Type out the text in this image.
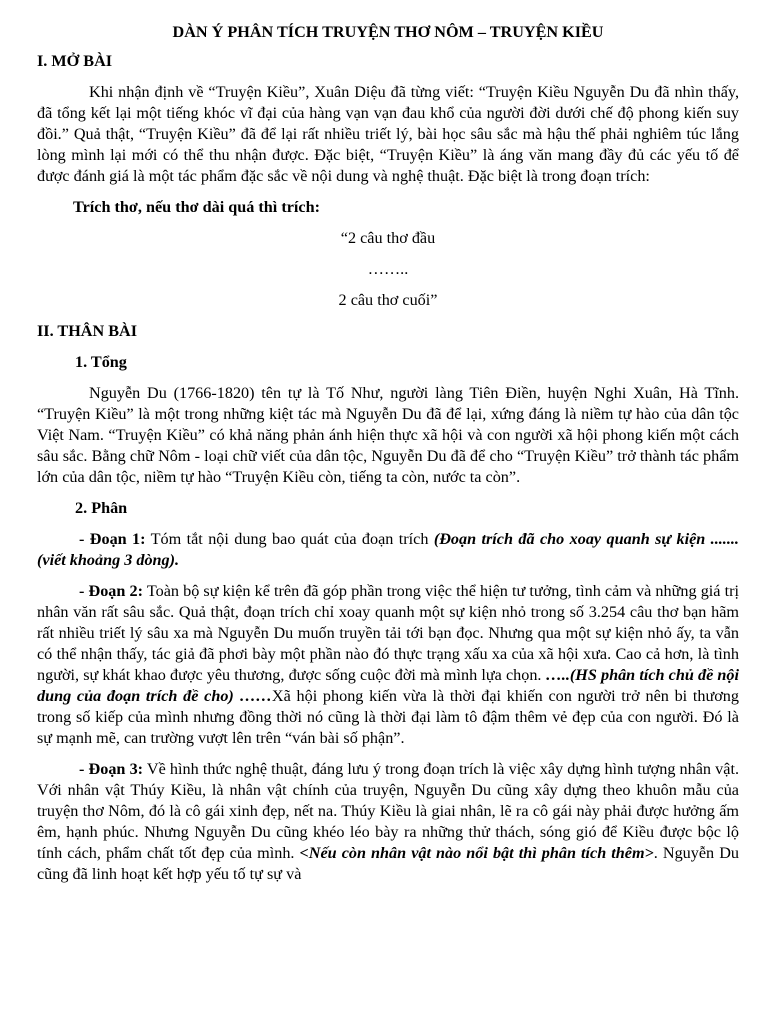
DÀN Ý PHÂN TÍCH TRUYỆN THƠ NÔM – TRUYỆN KIỀU
I. MỞ BÀI

Khi nhận định về “Truyện Kiều”, Xuân Diệu đã từng viết: “Truyện Kiều Nguyễn Du đã nhìn thấy, đã tổng kết lại một tiếng khóc vĩ đại của hàng vạn vạn đau khổ của người đời dưới chế độ phong kiến suy đồi.” Quả thật, “Truyện Kiều” đã để lại rất nhiều triết lý, bài học sâu sắc mà hậu thế phải nghiêm túc lắng lòng mình lại mới có thể thu nhận được. Đặc biệt, “Truyện Kiều” là áng văn mang đầy đủ các yếu tố để được đánh giá là một tác phẩm đặc sắc về nội dung và nghệ thuật. Đặc biệt là trong đoạn trích:

Trích thơ, nếu thơ dài quá thì trích:
“2 câu thơ đầu
……..
2 câu thơ cuối”
II. THÂN BÀI
1. Tổng

Nguyễn Du (1766-1820) tên tự là Tố Như, người làng Tiên Điền, huyện Nghi Xuân, Hà Tĩnh. “Truyện Kiều” là một trong những kiệt tác mà Nguyễn Du đã để lại, xứng đáng là niềm tự hào của dân tộc Việt Nam. “Truyện Kiều” có khả năng phản ánh hiện thực xã hội và con người xã hội phong kiến một cách sâu sắc. Bằng chữ Nôm - loại chữ viết của dân tộc, Nguyễn Du đã để cho “Truyện Kiều” trở thành tác phẩm lớn của dân tộc, niềm tự hào “Truyện Kiều còn, tiếng ta còn, nước ta còn”.

2. Phân

- Đoạn 1: Tóm tắt nội dung bao quát của đoạn trích (Đoạn trích đã cho xoay quanh sự kiện ....... (viết khoảng 3 dòng).

- Đoạn 2: Toàn bộ sự kiện kể trên đã góp phần trong việc thể hiện tư tưởng, tình cảm và những giá trị nhân văn rất sâu sắc. Quả thật, đoạn trích chỉ xoay quanh một sự kiện nhỏ trong số 3.254 câu thơ bạn hãm rất nhiều triết lý sâu xa mà Nguyễn Du muốn truyền tải tới bạn đọc. Nhưng qua một sự kiện nhỏ ấy, ta vẫn có thể nhận thấy, tác giả đã phơi bày một phần nào đó thực trạng xấu xa của xã hội xưa. Cao cả hơn, là tình người, sự khát khao được yêu thương, được sống cuộc đời mà mình lựa chọn. …..(HS phân tích chủ đề nội dung của đoạn trích đề cho) ……Xã hội phong kiến vừa là thời đại khiến con người trở nên bi thương trong số kiếp của mình nhưng đồng thời nó cũng là thời đại làm tô đậm thêm vẻ đẹp của con người. Đó là sự mạnh mẽ, can trường vượt lên trên “ván bài số phận”.

- Đoạn 3: Về hình thức nghệ thuật, đáng lưu ý trong đoạn trích là việc xây dựng hình tượng nhân vật. Với nhân vật Thúy Kiều, là nhân vật chính của truyện, Nguyễn Du cũng xây dựng theo khuôn mẫu của truyện thơ Nôm, đó là cô gái xinh đẹp, nết na. Thúy Kiều là giai nhân, lẽ ra cô gái này phải được hưởng ấm êm, hạnh phúc. Nhưng Nguyễn Du cũng khéo léo bày ra những thử thách, sóng gió để Kiều được bộc lộ tính cách, phẩm chất tốt đẹp của mình. <Nếu còn nhân vật nào nổi bật thì phân tích thêm>. Nguyễn Du cũng đã linh hoạt kết hợp yếu tố tự sự và
